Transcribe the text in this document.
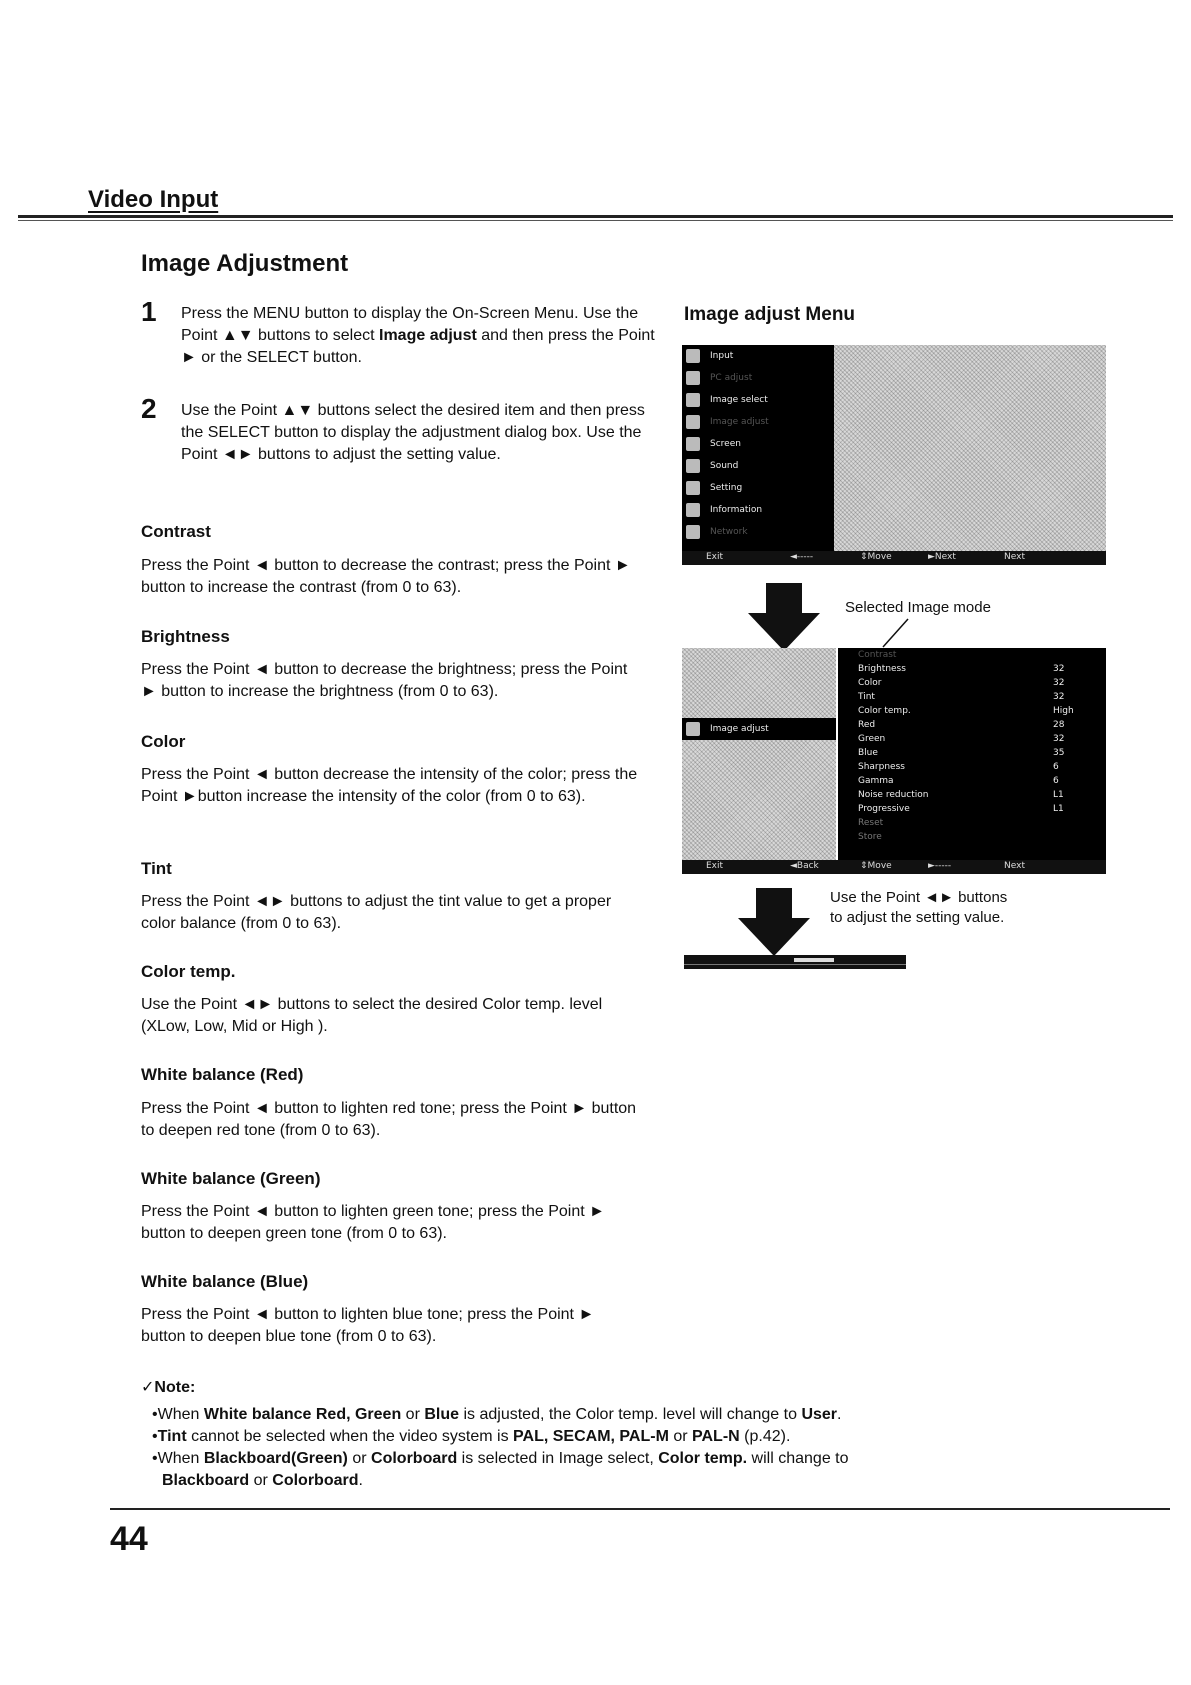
Video Input
Image Adjustment
1 Press the MENU button to display the On-Screen Menu. Use the Point ▲▼ buttons to select Image adjust and then press the Point ► or the SELECT button.
2 Use the Point ▲▼ buttons select the desired item and then press the SELECT button to display the adjustment dialog box. Use the Point ◄► buttons to adjust the setting value.
Contrast
Press the Point ◄ button to decrease the contrast; press the Point ► button to increase the contrast (from 0 to 63).
Brightness
Press the Point ◄ button to decrease the brightness; press the Point ► button to increase the brightness (from 0 to 63).
Color
Press the Point ◄ button decrease the intensity of the color; press the Point ►button increase the intensity of the color (from 0 to 63).
Tint
Press the Point ◄► buttons to adjust the tint value to get a proper color balance (from 0 to 63).
Color temp.
Use the Point ◄► buttons to select the desired Color temp. level (XLow, Low, Mid or High ).
White balance (Red)
Press the Point ◄ button to lighten red tone; press the Point ► button to deepen red tone (from 0 to 63).
White balance (Green)
Press the Point ◄ button to lighten green tone; press the Point ► button to deepen green tone (from 0 to 63).
White balance (Blue)
Press the Point ◄ button to lighten blue tone; press the Point ► button to deepen blue tone (from 0 to 63).
Image adjust Menu
Input
PC adjust
Image select
Image adjust
Screen
Sound
Setting
Information
Network
Exit	◄-----	⇕Move	►Next	Next
Selected Image mode
Image adjust
Contrast
Brightness	32
Color	32
Tint	32
Color temp.	High
Red	28
Green	32
Blue	35
Sharpness	6
Gamma	6
Noise reduction	L1
Progressive	L1
Reset
Store
Exit	◄Back	⇕Move	►-----	Next
Use the Point ◄► buttons to adjust the setting value.
✓Note:
•When White balance Red, Green or Blue is adjusted, the Color temp. level will change to User.
•Tint cannot be selected when the video system is PAL, SECAM, PAL-M or PAL-N (p.42).
•When Blackboard(Green) or Colorboard is selected in Image select, Color temp. will change to
Blackboard or Colorboard.
44
